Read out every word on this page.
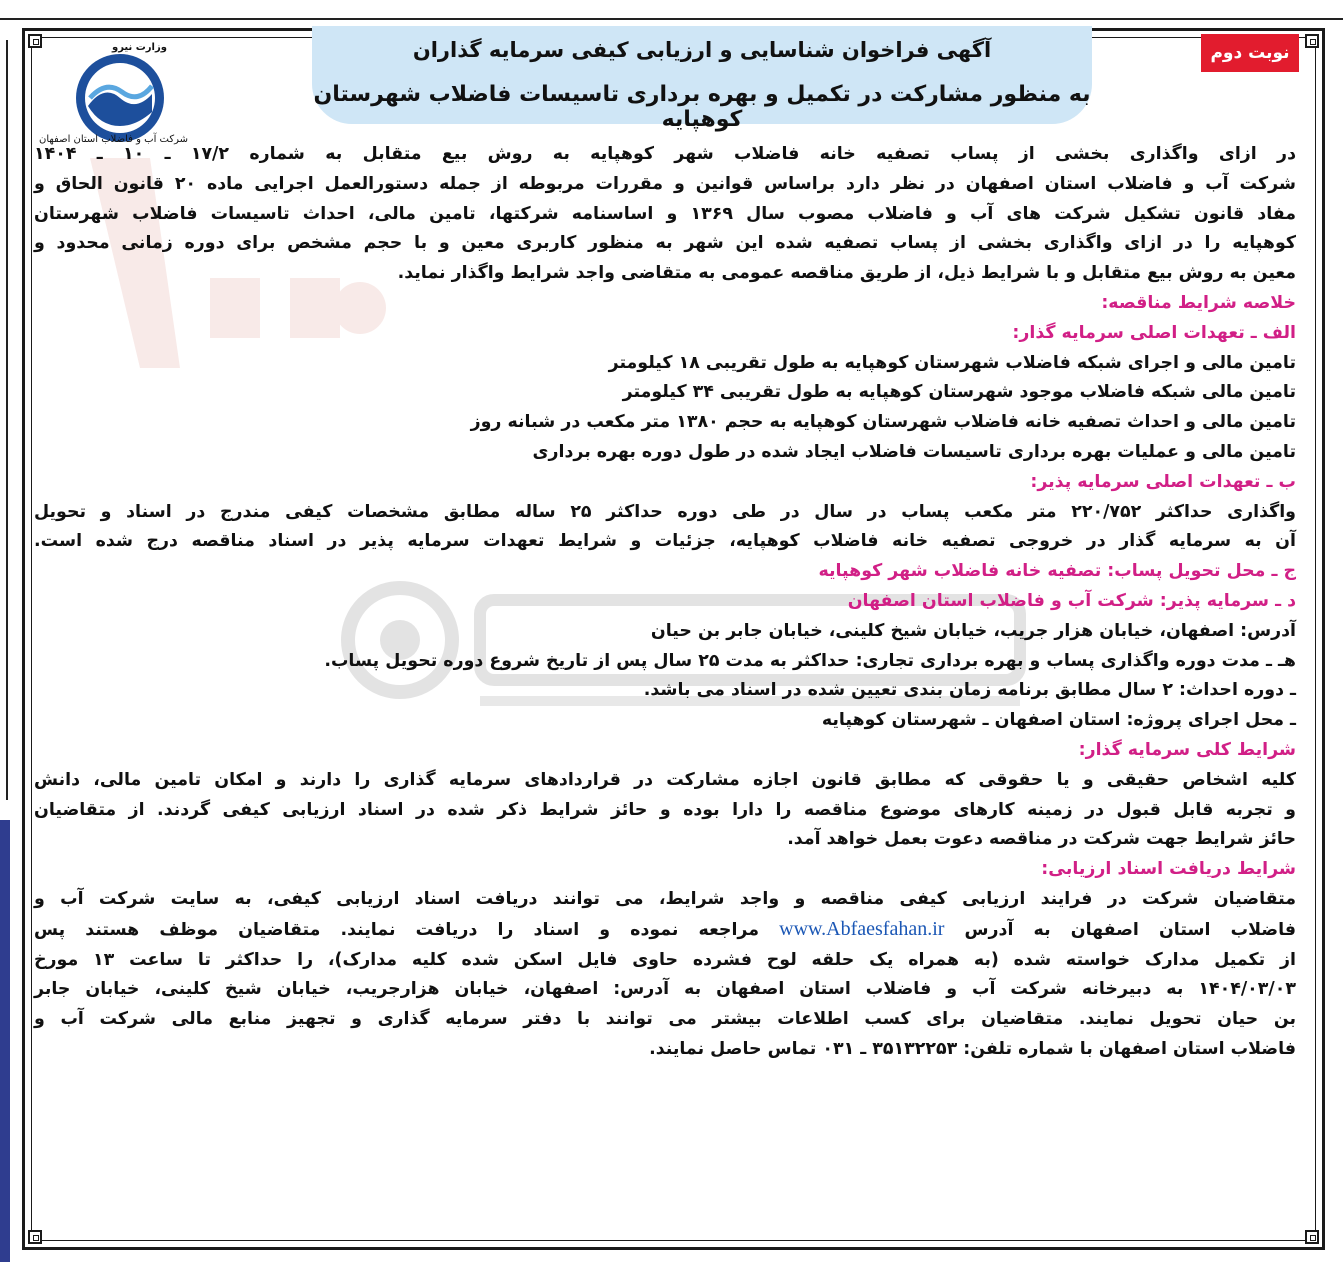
آگهی فراخوان شناسایی و ارزیابی کیفی سرمایه گذاران
به منظور مشارکت در تکمیل و بهره برداری تاسیسات فاضلاب شهرستان کوهپایه
نوبت دوم
وزارت نیرو
شرکت آب و فاضلاب استان اصفهان

در ازای واگذاری بخشی از پساب تصفیه خانه فاضلاب شهر کوهپایه به روش بیع متقابل به شماره ۱۷/۲ ـ ۱۰ ـ ۱۴۰۴

شرکت آب و فاضلاب استان اصفهان در نظر دارد براساس قوانین و مقررات مربوطه از جمله دستورالعمل اجرایی ماده ۲۰ قانون الحاق و

مفاد قانون تشکیل شرکت های آب و فاضلاب مصوب سال ۱۳۶۹ و اساسنامه شرکتها، تامین مالی، احداث تاسیسات فاضلاب شهرستان

کوهپایه را در ازای واگذاری بخشی از پساب تصفیه شده این شهر به منظور کاربری معین و با حجم مشخص برای دوره زمانی محدود و

معین به روش بیع متقابل و با شرایط ذیل، از طریق مناقصه عمومی به متقاضی واجد شرایط واگذار نماید.

خلاصه شرایط مناقصه:

الف ـ تعهدات اصلی سرمایه گذار:

تامین مالی و اجرای شبکه فاضلاب شهرستان کوهپایه به طول تقریبی ۱۸ کیلومتر

تامین مالی شبکه فاضلاب موجود شهرستان کوهپایه به طول تقریبی ۳۴ کیلومتر

تامین مالی و احداث تصفیه خانه فاضلاب شهرستان کوهپایه به حجم ۱۳۸۰ متر مکعب در شبانه روز

تامین مالی و عملیات بهره برداری تاسیسات فاضلاب ایجاد شده در طول دوره بهره برداری

ب ـ تعهدات اصلی سرمایه پذیر:

واگذاری حداکثر ۲۲۰/۷۵۲ متر مکعب پساب در سال در طی دوره حداکثر ۲۵ ساله مطابق مشخصات کیفی مندرج در اسناد و تحویل

آن به سرمایه گذار در خروجی تصفیه خانه فاضلاب کوهپایه، جزئیات و شرایط تعهدات سرمایه پذیر در اسناد مناقصه درج شده است.

ج ـ محل تحویل پساب: تصفیه خانه فاضلاب شهر کوهپایه

د ـ سرمایه پذیر: شرکت آب و فاضلاب استان اصفهان

آدرس: اصفهان، خیابان هزار جریب، خیابان شیخ کلینی، خیابان جابر بن حیان

هـ ـ مدت دوره واگذاری پساب و بهره برداری تجاری: حداکثر به مدت ۲۵ سال پس از تاریخ شروع دوره تحویل پساب.

ـ دوره احداث: ۲ سال مطابق برنامه زمان بندی تعیین شده در اسناد می باشد.

ـ محل اجرای پروژه: استان اصفهان ـ شهرستان کوهپایه

شرایط کلی سرمایه گذار:

کلیه اشخاص حقیقی و یا حقوقی که مطابق قانون اجازه مشارکت در قراردادهای سرمایه گذاری را دارند و امکان تامین مالی، دانش

و تجربه قابل قبول در زمینه کارهای موضوع مناقصه را دارا بوده و حائز شرایط ذکر شده در اسناد ارزیابی کیفی گردند. از متقاضیان

حائز شرایط جهت شرکت در مناقصه دعوت بعمل خواهد آمد.

شرایط دریافت اسناد ارزیابی:

متقاضیان شرکت در فرایند ارزیابی کیفی مناقصه و واجد شرایط، می توانند دریافت اسناد ارزیابی کیفی، به سایت شرکت آب و

فاضلاب استان اصفهان به آدرس www.Abfaesfahan.ir مراجعه نموده و اسناد را دریافت نمایند. متقاضیان موظف هستند پس

از تکمیل مدارک خواسته شده (به همراه یک حلقه لوح فشرده حاوی فایل اسکن شده کلیه مدارک)، را حداکثر تا ساعت ۱۳ مورخ

۱۴۰۴/۰۳/۰۳ به دبیرخانه شرکت آب و فاضلاب استان اصفهان به آدرس: اصفهان، خیابان هزارجریب، خیابان شیخ کلینی، خیابان جابر

بن حیان تحویل نمایند. متقاضیان برای کسب اطلاعات بیشتر می توانند با دفتر سرمایه گذاری و تجهیز منابع مالی شرکت آب و

فاضلاب استان اصفهان با شماره تلفن: ۳۵۱۳۲۲۵۳ ـ ۰۳۱ تماس حاصل نمایند.
